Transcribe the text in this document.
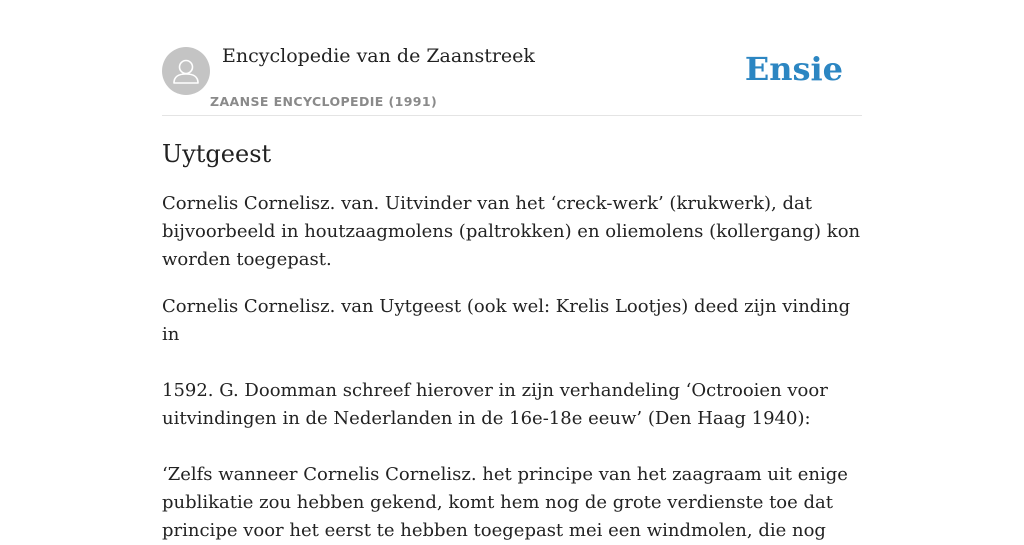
Encyclopedie van de Zaanstreek
ZAANSE ENCYCLOPEDIE (1991)
Ensie
Uytgeest

Cornelis Cornelisz. van. Uitvinder van het ‘creck-werk’ (krukwerk), dat bijvoorbeeld in houtzaagmolens (paltrokken) en oliemolens (kollergang) kon worden toegepast.

Cornelis Cornelisz. van Uytgeest (ook wel: Krelis Lootjes) deed zijn vinding in

1592. G. Doomman schreef hierover in zijn verhandeling ‘Octrooien voor uitvindingen in de Nederlanden in de 16e-18e eeuw’ (Den Haag 1940):

‘Zelfs wanneer Cornelis Cornelisz. het principe van het zaagraam uit enige publikatie zou hebben gekend, komt hem nog de grote verdienste toe dat principe voor het eerst te hebben toegepast mei een windmolen, die nog
